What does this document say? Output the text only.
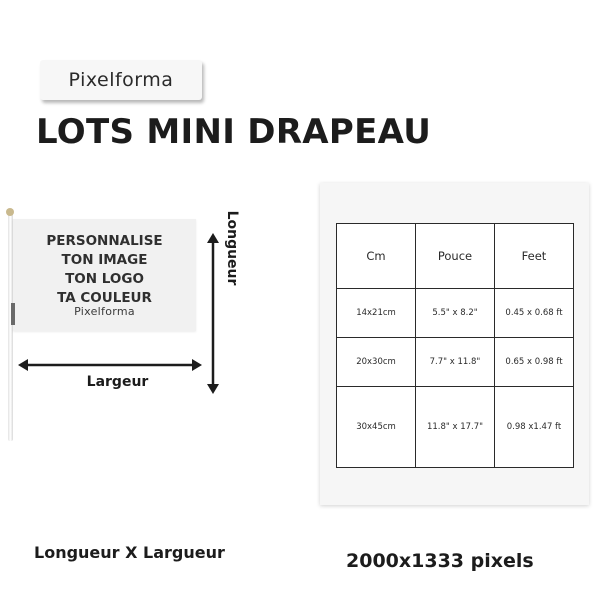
Pixelforma
LOTS MINI DRAPEAU
PERSONNALISE
TON IMAGE
TON LOGO
TA COULEUR
Pixelforma
Largeur
Longueur	Cm	Pouce	Feet
14x21cm	5.5" x 8.2"	0.45 x 0.68 ft
20x30cm	7.7" x 11.8"	0.65 x 0.98 ft
30x45cm	11.8" x 17.7"	0.98 x1.47 ft
Longueur X Largueur	2000x1333 pixels
